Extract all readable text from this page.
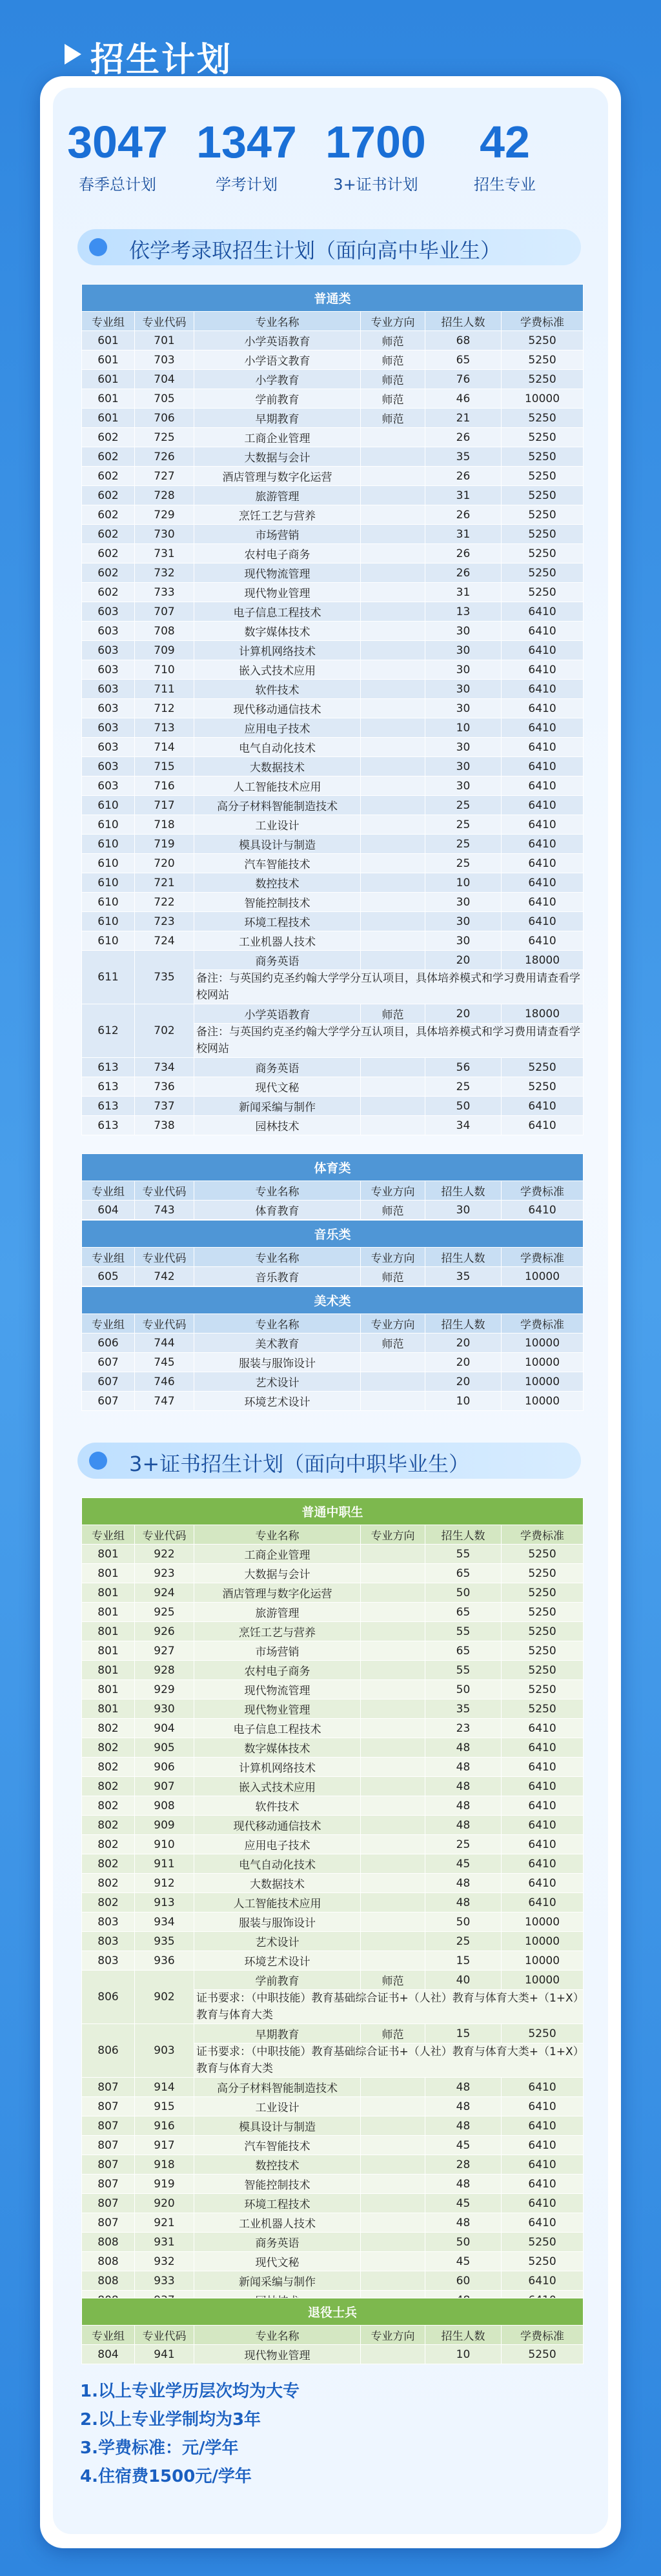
招生计划
3047
春季总计划
1347
学考计划
1700
3+证书计划
42
招生专业
依学考录取招生计划（面向高中毕业生）
普通类					
专业组	专业代码	专业名称	专业方向	招生人数	学费标准
601	701	小学英语教育	师范	68	5250
601	703	小学语文教育	师范	65	5250
601	704	小学教育	师范	76	5250
601	705	学前教育	师范	46	10000
601	706	早期教育	师范	21	5250
602	725	工商企业管理		26	5250
602	726	大数据与会计		35	5250
602	727	酒店管理与数字化运营		26	5250
602	728	旅游管理		31	5250
602	729	烹饪工艺与营养		26	5250
602	730	市场营销		31	5250
602	731	农村电子商务		26	5250
602	732	现代物流管理		26	5250
602	733	现代物业管理		31	5250
603	707	电子信息工程技术		13	6410
603	708	数字媒体技术		30	6410
603	709	计算机网络技术		30	6410
603	710	嵌入式技术应用		30	6410
603	711	软件技术		30	6410
603	712	现代移动通信技术		30	6410
603	713	应用电子技术		10	6410
603	714	电气自动化技术		30	6410
603	715	大数据技术		30	6410
603	716	人工智能技术应用		30	6410
610	717	高分子材料智能制造技术		25	6410
610	718	工业设计		25	6410
610	719	模具设计与制造		25	6410
610	720	汽车智能技术		25	6410
610	721	数控技术		10	6410
610	722	智能控制技术		30	6410
610	723	环境工程技术		30	6410
610	724	工业机器人技术		30	6410
611	735	商务英语		20	18000
		备注：与英国约克圣约翰大学学分互认项目，具体培养模式和学习费用请查看学校网站			
612	702	小学英语教育	师范	20	18000
		备注：与英国约克圣约翰大学学分互认项目，具体培养模式和学习费用请查看学校网站			
613	734	商务英语		56	5250
613	736	现代文秘		25	5250
613	737	新闻采编与制作		50	6410
613	738	园林技术		34	6410
体育类					
专业组	专业代码	专业名称	专业方向	招生人数	学费标准
604	743	体育教育	师范	30	6410
音乐类					
专业组	专业代码	专业名称	专业方向	招生人数	学费标准
605	742	音乐教育	师范	35	10000
美术类					
专业组	专业代码	专业名称	专业方向	招生人数	学费标准
606	744	美术教育	师范	20	10000
607	745	服装与服饰设计		20	10000
607	746	艺术设计		20	10000
607	747	环境艺术设计		10	10000
3+证书招生计划（面向中职毕业生）
普通中职生					
专业组	专业代码	专业名称	专业方向	招生人数	学费标准
801	922	工商企业管理		55	5250
801	923	大数据与会计		65	5250
801	924	酒店管理与数字化运营		50	5250
801	925	旅游管理		65	5250
801	926	烹饪工艺与营养		55	5250
801	927	市场营销		65	5250
801	928	农村电子商务		55	5250
801	929	现代物流管理		50	5250
801	930	现代物业管理		35	5250
802	904	电子信息工程技术		23	6410
802	905	数字媒体技术		48	6410
802	906	计算机网络技术		48	6410
802	907	嵌入式技术应用		48	6410
802	908	软件技术		48	6410
802	909	现代移动通信技术		48	6410
802	910	应用电子技术		25	6410
802	911	电气自动化技术		45	6410
802	912	大数据技术		48	6410
802	913	人工智能技术应用		48	6410
803	934	服装与服饰设计		50	10000
803	935	艺术设计		25	10000
803	936	环境艺术设计		15	10000
806	902	学前教育	师范	40	10000
		证书要求：（中职技能）教育基础综合证书+（人社）教育与体育大类+（1+X）教育与体育大类			
806	903	早期教育	师范	15	5250
		证书要求：（中职技能）教育基础综合证书+（人社）教育与体育大类+（1+X）教育与体育大类			
807	914	高分子材料智能制造技术		48	6410
807	915	工业设计		48	6410
807	916	模具设计与制造		48	6410
807	917	汽车智能技术		45	6410
807	918	数控技术		28	6410
807	919	智能控制技术		48	6410
807	920	环境工程技术		45	6410
807	921	工业机器人技术		48	6410
808	931	商务英语		50	5250
808	932	现代文秘		45	5250
808	933	新闻采编与制作		60	6410

退役士兵					
专业组	专业代码	专业名称	专业方向	招生人数	学费标准
804	941	现代物业管理		10	5250

1.以上专业学历层次均为大专

2.以上专业学制均为3年

3.学费标准：元/学年

4.住宿费1500元/学年
